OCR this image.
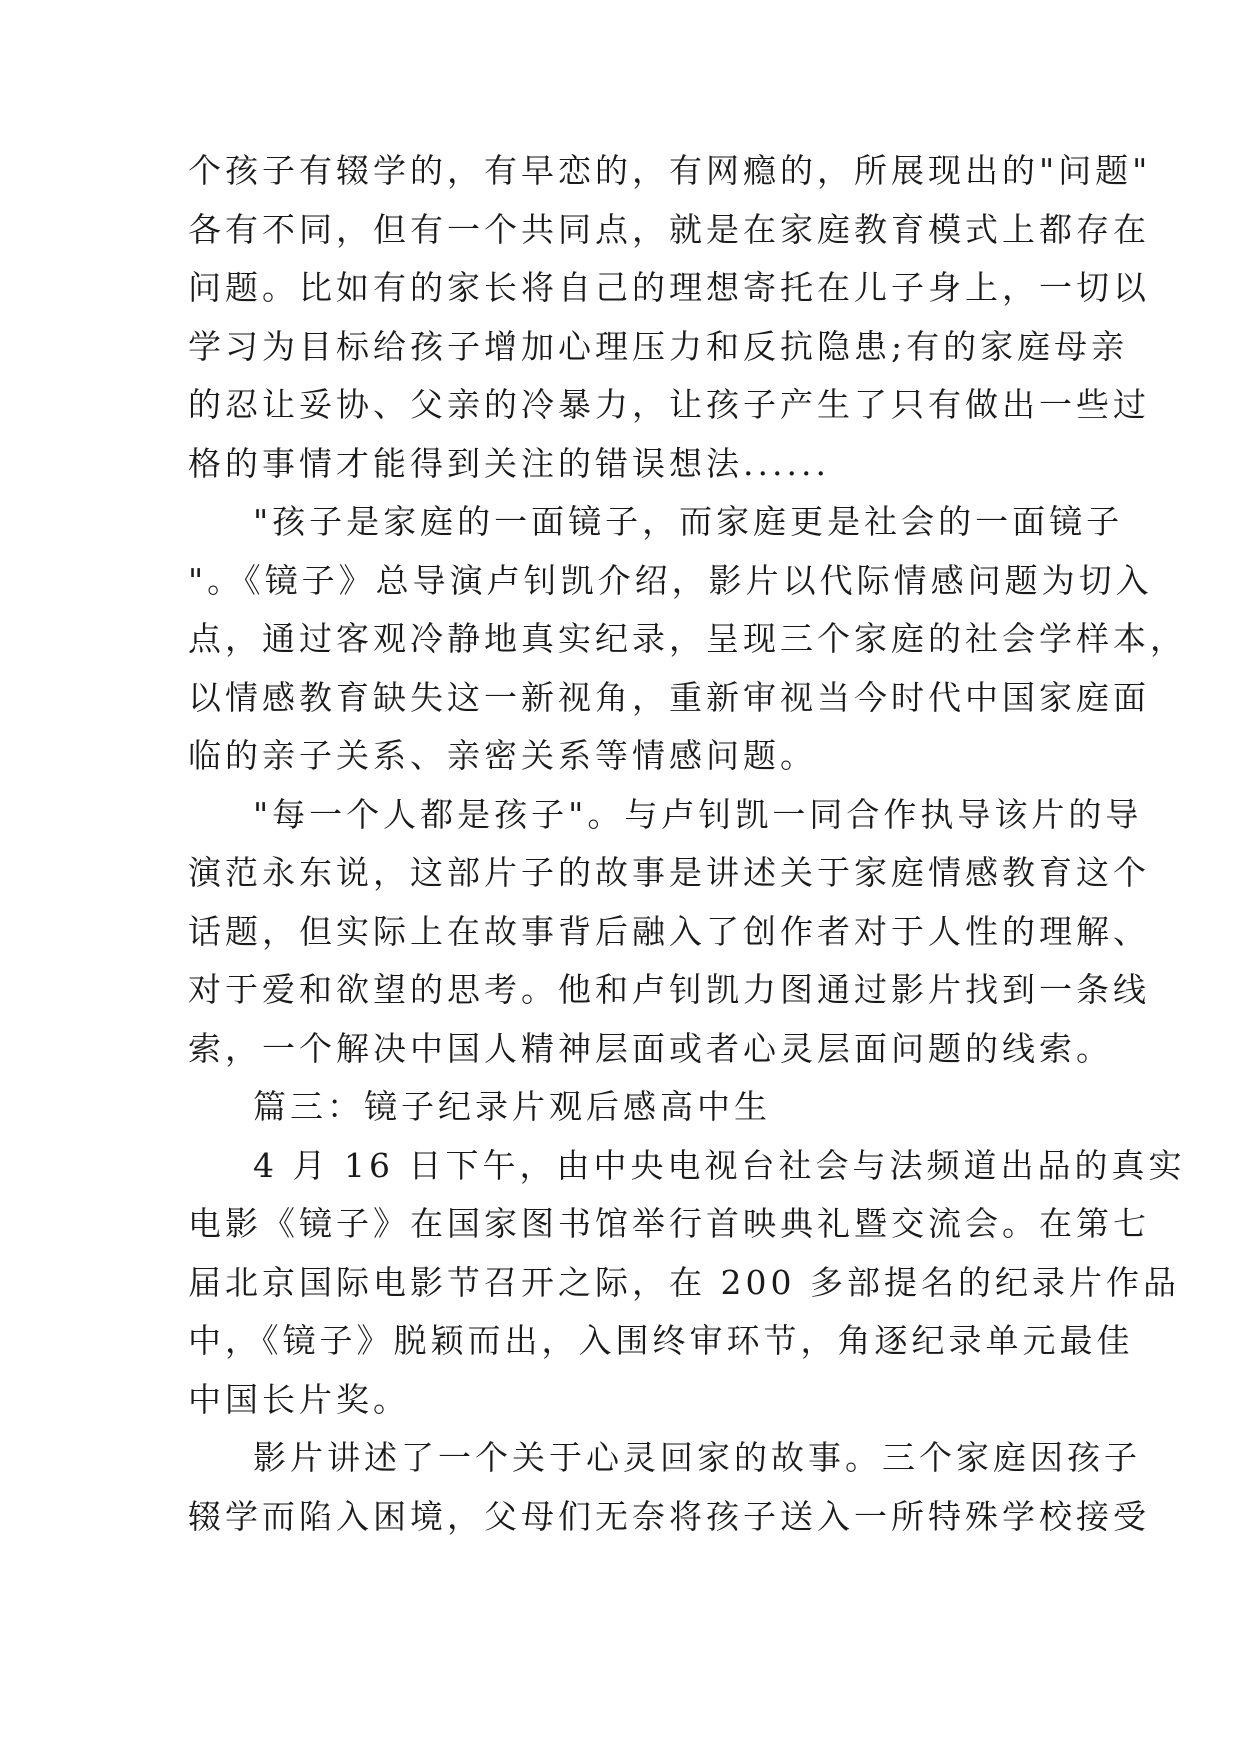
个孩子有辍学的，有早恋的，有网瘾的，所展现出的"问题"
各有不同，但有一个共同点，就是在家庭教育模式上都存在
问题。比如有的家长将自己的理想寄托在儿子身上，一切以
学习为目标给孩子增加心理压力和反抗隐患;有的家庭母亲
的忍让妥协、父亲的冷暴力，让孩子产生了只有做出一些过
格的事情才能得到关注的错误想法......
"孩子是家庭的一面镜子，而家庭更是社会的一面镜子
"。《镜子》总导演卢钊凯介绍，影片以代际情感问题为切入
点，通过客观冷静地真实纪录，呈现三个家庭的社会学样本，
以情感教育缺失这一新视角，重新审视当今时代中国家庭面
临的亲子关系、亲密关系等情感问题。
"每一个人都是孩子"。与卢钊凯一同合作执导该片的导
演范永东说，这部片子的故事是讲述关于家庭情感教育这个
话题，但实际上在故事背后融入了创作者对于人性的理解、
对于爱和欲望的思考。他和卢钊凯力图通过影片找到一条线
索，一个解决中国人精神层面或者心灵层面问题的线索。
篇三：镜子纪录片观后感高中生
4 月 16 日下午，由中央电视台社会与法频道出品的真实
电影《镜子》在国家图书馆举行首映典礼暨交流会。在第七
届北京国际电影节召开之际，在 200 多部提名的纪录片作品
中，《镜子》脱颖而出，入围终审环节，角逐纪录单元最佳
中国长片奖。
影片讲述了一个关于心灵回家的故事。三个家庭因孩子
辍学而陷入困境，父母们无奈将孩子送入一所特殊学校接受
